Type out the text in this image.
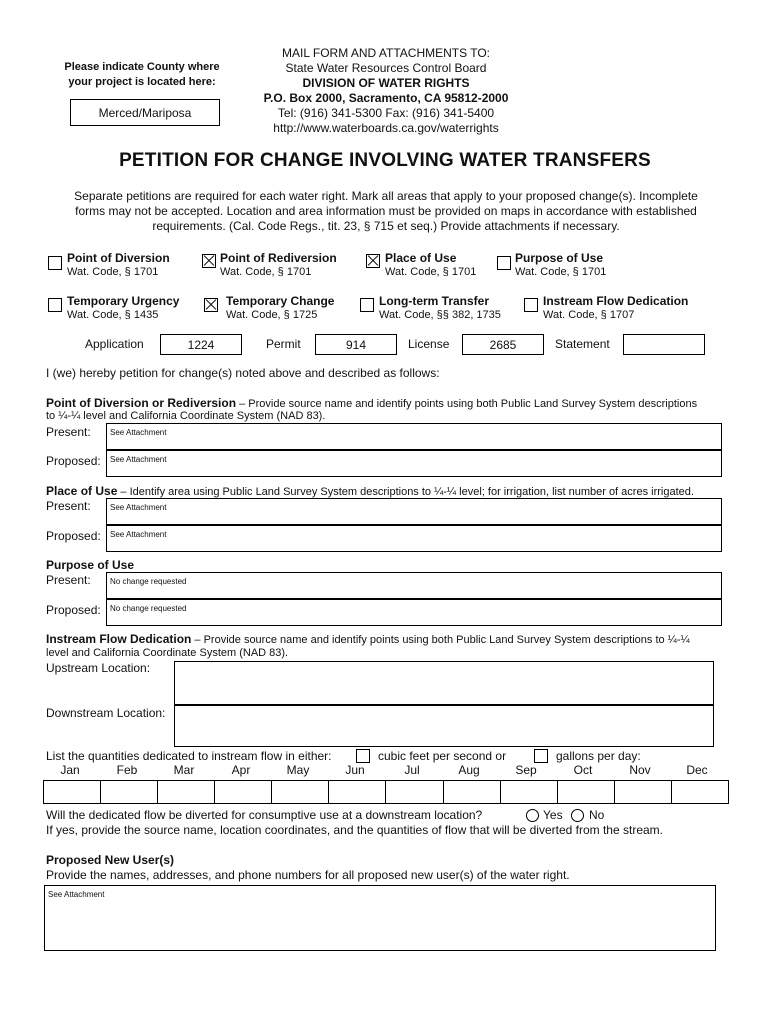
Please indicate County where
your project is located here:
Merced/Mariposa
MAIL FORM AND ATTACHMENTS TO:
State Water Resources Control Board
DIVISION OF WATER RIGHTS
P.O. Box 2000, Sacramento, CA 95812-2000
Tel: (916) 341-5300 Fax: (916) 341-5400
http://www.waterboards.ca.gov/waterrights
PETITION FOR CHANGE INVOLVING WATER TRANSFERS
Separate petitions are required for each water right. Mark all areas that apply to your proposed change(s). Incomplete
forms may not be accepted. Location and area information must be provided on maps in accordance with established
requirements. (Cal. Code Regs., tit. 23, § 715 et seq.) Provide attachments if necessary.
Point of Diversion
Wat. Code, § 1701
Point of Rediversion
Wat. Code, § 1701
Place of Use
Wat. Code, § 1701
Purpose of Use
Wat. Code, § 1701
Temporary Urgency
Wat. Code, § 1435
Temporary Change
Wat. Code, § 1725
Long-term Transfer
Wat. Code, §§ 382, 1735
Instream Flow Dedication
Wat. Code, § 1707
Application	1224	Permit	914	License	2685	Statement
I (we) hereby petition for change(s) noted above and described as follows:
Point of Diversion or Rediversion – Provide source name and identify points using both Public Land Survey System descriptions
to ¼-¼ level and California Coordinate System (NAD 83).
Present: See Attachment
Proposed: See Attachment
Place of Use – Identify area using Public Land Survey System descriptions to ¼-¼ level; for irrigation, list number of acres irrigated.
Present: See Attachment
Proposed: See Attachment
Purpose of Use
Present: No change requested
Proposed: No change requested
Instream Flow Dedication – Provide source name and identify points using both Public Land Survey System descriptions to ¼-¼
level and California Coordinate System (NAD 83).
Upstream Location:
Downstream Location:
List the quantities dedicated to instream flow in either:	cubic feet per second or	gallons per day:
Jan	Feb	Mar	Apr	May	Jun	Jul	Aug	Sep	Oct	Nov	Dec
Will the dedicated flow be diverted for consumptive use at a downstream location?	Yes No
If yes, provide the source name, location coordinates, and the quantities of flow that will be diverted from the stream.
Proposed New User(s)
Provide the names, addresses, and phone numbers for all proposed new user(s) of the water right.
See Attachment
